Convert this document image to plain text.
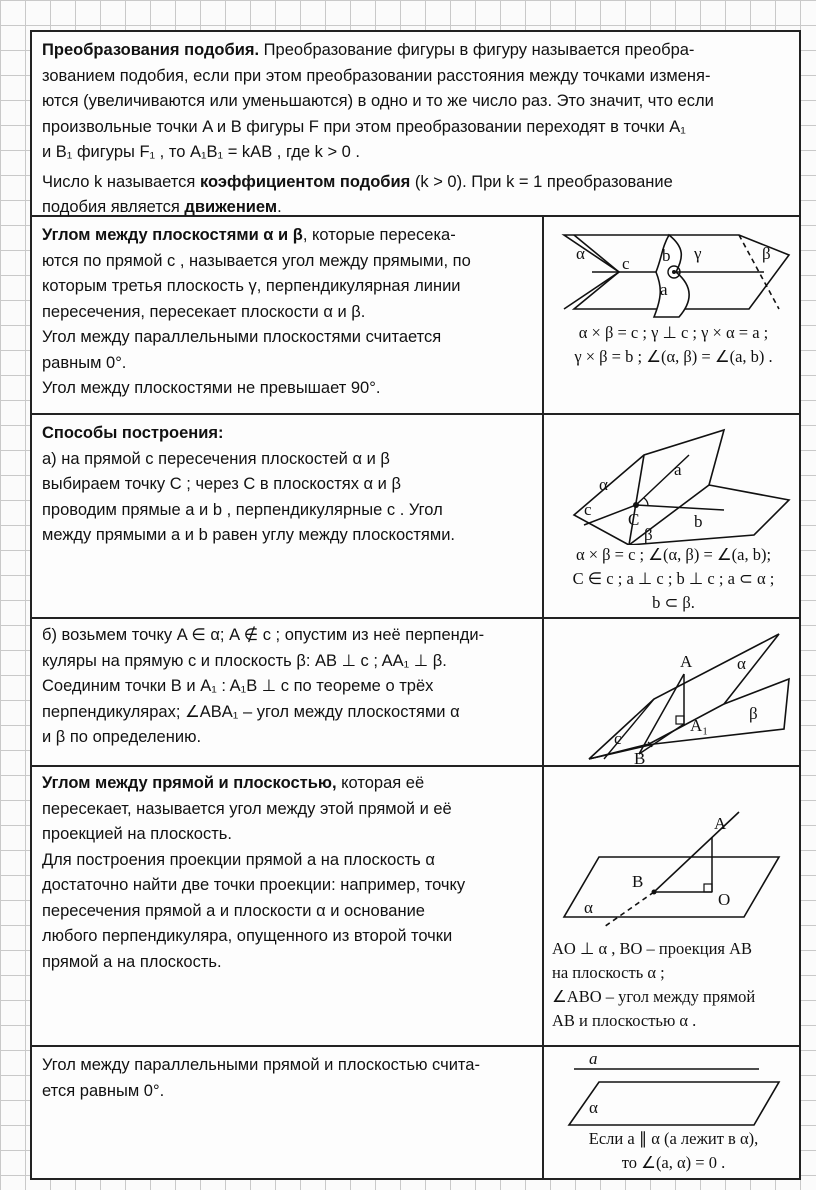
Преобразования подобия. Преобразование фигуры в фигуру называется преобра-
зованием подобия, если при этом преобразовании расстояния между точками изменя-
ются (увеличиваются или уменьшаются) в одно и то же число раз. Это значит, что если
произвольные точки A и B фигуры F при этом преобразовании переходят в точки A₁
и B₁ фигуры F₁ , то A₁B₁ = kAB , где k > 0 .
Число k называется коэффициентом подобия (k > 0). При k = 1 преобразование
подобия является движением.
Углом между плоскостями α и β, которые пересека-
ются по прямой c , называется угол между прямыми, по
которым третья плоскость γ, перпендикулярная линии
пересечения, пересекает плоскости α и β.
Угол между параллельными плоскостями считается
равным 0°.
Угол между плоскостями не превышает 90°.
α	β
γ
c b
a
α × β = c ; γ ⊥ c ; γ × α = a ;
γ × β = b ; ∠(α, β) = ∠(a, b) .
Способы построения:
а) на прямой c пересечения плоскостей α и β
выбираем точку C ; через C в плоскостях α и β
проводим прямые a и b , перпендикулярные c . Угол
между прямыми a и b равен углу между плоскостями.
α
β
a
b
c
C
α × β = c ; ∠(α, β) = ∠(a, b);
C ∈ c ; a ⊥ c ; b ⊥ c ; a ⊂ α ;
b ⊂ β.
б) возьмем точку A ∈ α; A ∉ c ; опустим из неё перпенди-
куляры на прямую c и плоскость β: AB ⊥ c ; AA₁ ⊥ β.
Соединим точки B и A₁ : A₁B ⊥ c по теореме о трёх
перпендикулярах; ∠ABA₁ – угол между плоскостями α
и β по определению.
α
β
A
A₁
B
c
Углом между прямой и плоскостью, которая её
пересекает, называется угол между этой прямой и её
проекцией на плоскость.
Для построения проекции прямой a на плоскость α
достаточно найти две точки проекции: например, точку
пересечения прямой a и плоскости α и основание
любого перпендикуляра, опущенного из второй точки
прямой a на плоскость.
A
B
O
α
AO ⊥ α , BO – проекция AB
на плоскость α ;
∠ABO – угол между прямой
AB и плоскостью α .
Угол между параллельными прямой и плоскостью счита-
ется равным 0°.
a
α
Если a ∥ α (a лежит в α),
то ∠(a, α) = 0 .
